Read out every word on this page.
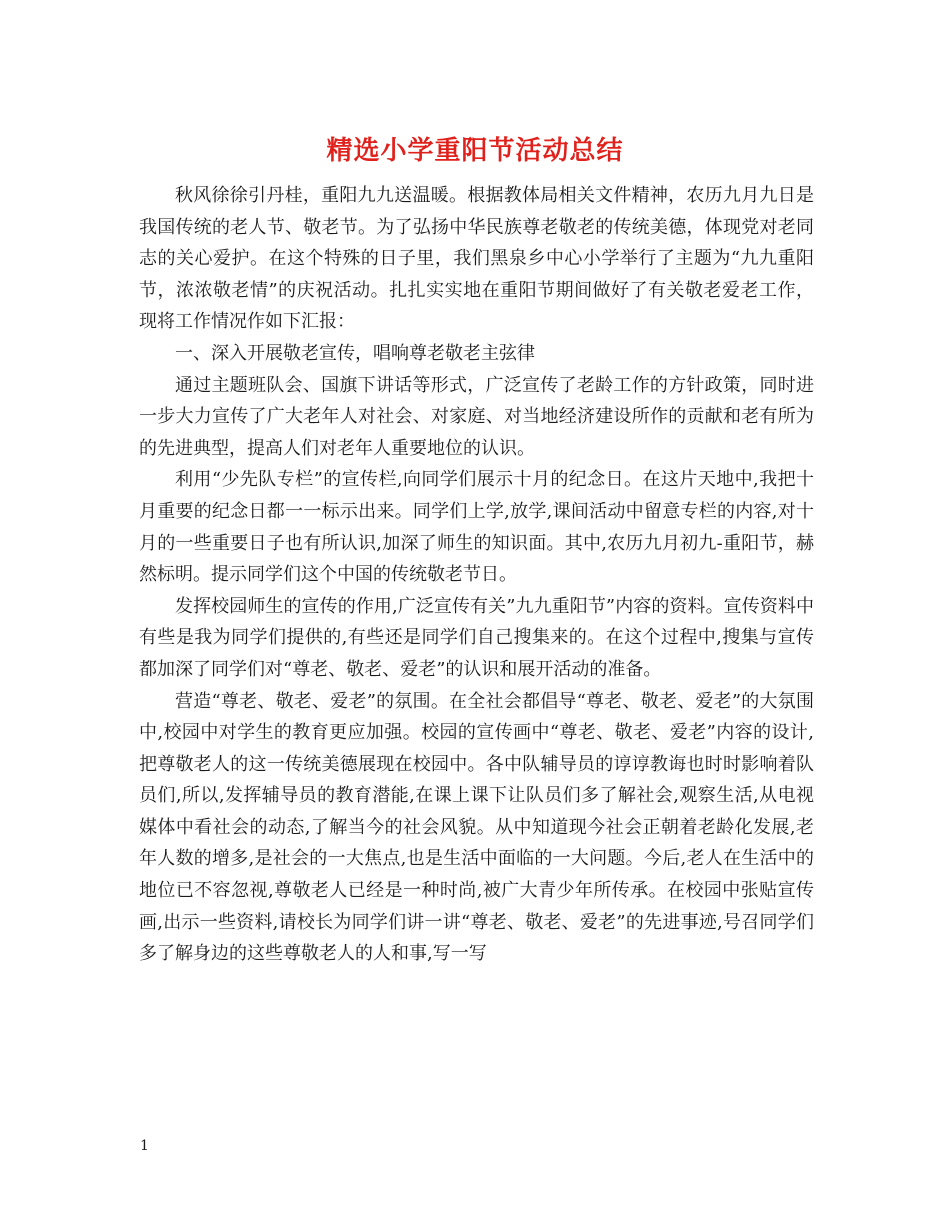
精选小学重阳节活动总结

秋风徐徐引丹桂，重阳九九送温暖。根据教体局相关文件精神，农历九月九日是我国传统的老人节、敬老节。为了弘扬中华民族尊老敬老的传统美德，体现党对老同志的关心爱护。在这个特殊的日子里，我们黑泉乡中心小学举行了主题为“九九重阳节，浓浓敬老情”的庆祝活动。扎扎实实地在重阳节期间做好了有关敬老爱老工作，现将工作情况作如下汇报：

一、深入开展敬老宣传，唱响尊老敬老主弦律

通过主题班队会、国旗下讲话等形式，广泛宣传了老龄工作的方针政策，同时进一步大力宣传了广大老年人对社会、对家庭、对当地经济建设所作的贡献和老有所为的先进典型，提高人们对老年人重要地位的认识。

利用“少先队专栏”的宣传栏,向同学们展示十月的纪念日。在这片天地中,我把十月重要的纪念日都一一标示出来。同学们上学,放学,课间活动中留意专栏的内容,对十月的一些重要日子也有所认识,加深了师生的知识面。其中,农历九月初九-重阳节，赫然标明。提示同学们这个中国的传统敬老节日。

发挥校园师生的宣传的作用,广泛宣传有关”九九重阳节”内容的资料。宣传资料中有些是我为同学们提供的,有些还是同学们自己搜集来的。在这个过程中,搜集与宣传都加深了同学们对“尊老、敬老、爱老”的认识和展开活动的准备。

营造“尊老、敬老、爱老”的氛围。在全社会都倡导“尊老、敬老、爱老”的大氛围中,校园中对学生的教育更应加强。校园的宣传画中“尊老、敬老、爱老”内容的设计,把尊敬老人的这一传统美德展现在校园中。各中队辅导员的谆谆教诲也时时影响着队员们,所以,发挥辅导员的教育潜能,在课上课下让队员们多了解社会,观察生活,从电视媒体中看社会的动态,了解当今的社会风貌。从中知道现今社会正朝着老龄化发展,老年人数的增多,是社会的一大焦点,也是生活中面临的一大问题。今后,老人在生活中的地位已不容忽视,尊敬老人已经是一种时尚,被广大青少年所传承。在校园中张贴宣传画,出示一些资料,请校长为同学们讲一讲“尊老、敬老、爱老”的先进事迹,号召同学们多了解身边的这些尊敬老人的人和事,写一写

1
